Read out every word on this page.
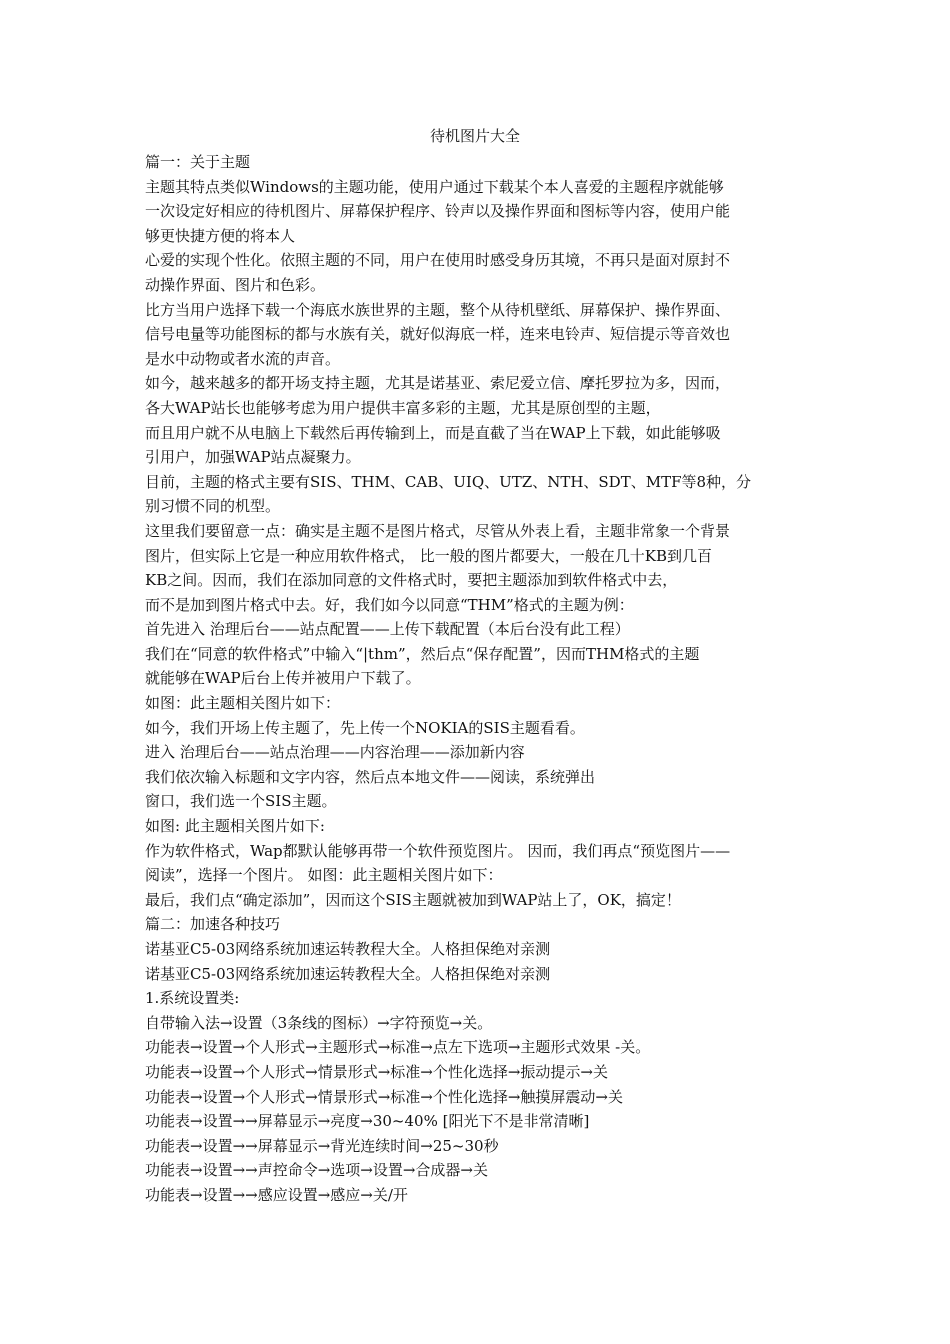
待机图片大全
篇一：关于主题
主题其特点类似Windows的主题功能，使用户通过下载某个本人喜爱的主题程序就能够
一次设定好相应的待机图片、屏幕保护程序、铃声以及操作界面和图标等内容，使用户能
够更快捷方便的将本人
心爱的实现个性化。依照主题的不同，用户在使用时感受身历其境，不再只是面对原封不
动操作界面、图片和色彩。
比方当用户选择下载一个海底水族世界的主题，整个从待机壁纸、屏幕保护、操作界面、
信号电量等功能图标的都与水族有关，就好似海底一样，连来电铃声、短信提示等音效也
是水中动物或者水流的声音。
如今，越来越多的都开场支持主题，尤其是诺基亚、索尼爱立信、摩托罗拉为多，因而，
各大WAP站长也能够考虑为用户提供丰富多彩的主题，尤其是原创型的主题，
而且用户就不从电脑上下载然后再传输到上，而是直截了当在WAP上下载，如此能够吸
引用户，加强WAP站点凝聚力。
目前，主题的格式主要有SIS、THM、CAB、UIQ、UTZ、NTH、SDT、MTF等8种，分
别习惯不同的机型。
这里我们要留意一点：确实是主题不是图片格式，尽管从外表上看，主题非常象一个背景
图片，但实际上它是一种应用软件格式， 比一般的图片都要大，一般在几十KB到几百
KB之间。因而，我们在添加同意的文件格式时，要把主题添加到软件格式中去，
而不是加到图片格式中去。好，我们如今以同意“THM”格式的主题为例：
首先进入 治理后台——站点配置——上传下载配置（本后台没有此工程）
我们在“同意的软件格式”中输入“|thm”，然后点“保存配置”，因而THM格式的主题
就能够在WAP后台上传并被用户下载了。
如图：此主题相关图片如下：
如今，我们开场上传主题了，先上传一个NOKIA的SIS主题看看。
进入 治理后台——站点治理——内容治理——添加新内容
我们依次输入标题和文字内容，然后点本地文件——阅读，系统弹出
窗口，我们选一个SIS主题。
如图: 此主题相关图片如下:
作为软件格式，Wap都默认能够再带一个软件预览图片。 因而，我们再点“预览图片——
阅读”，选择一个图片。 如图：此主题相关图片如下：
最后，我们点“确定添加”，因而这个SIS主题就被加到WAP站上了，OK，搞定！
篇二：加速各种技巧
诺基亚C5-03网络系统加速运转教程大全。人格担保绝对亲测
诺基亚C5-03网络系统加速运转教程大全。人格担保绝对亲测
1.系统设置类:
自带输入法→设置（3条线的图标）→字符预览→关。
功能表→设置→个人形式→主题形式→标准→点左下选项→主题形式效果 -关。
功能表→设置→个人形式→情景形式→标准→个性化选择→振动提示→关
功能表→设置→个人形式→情景形式→标准→个性化选择→触摸屏震动→关
功能表→设置→→屏幕显示→亮度→30~40% [阳光下不是非常清晰]
功能表→设置→→屏幕显示→背光连续时间→25~30秒
功能表→设置→→声控命令→选项→设置→合成器→关
功能表→设置→→感应设置→感应→关/开
